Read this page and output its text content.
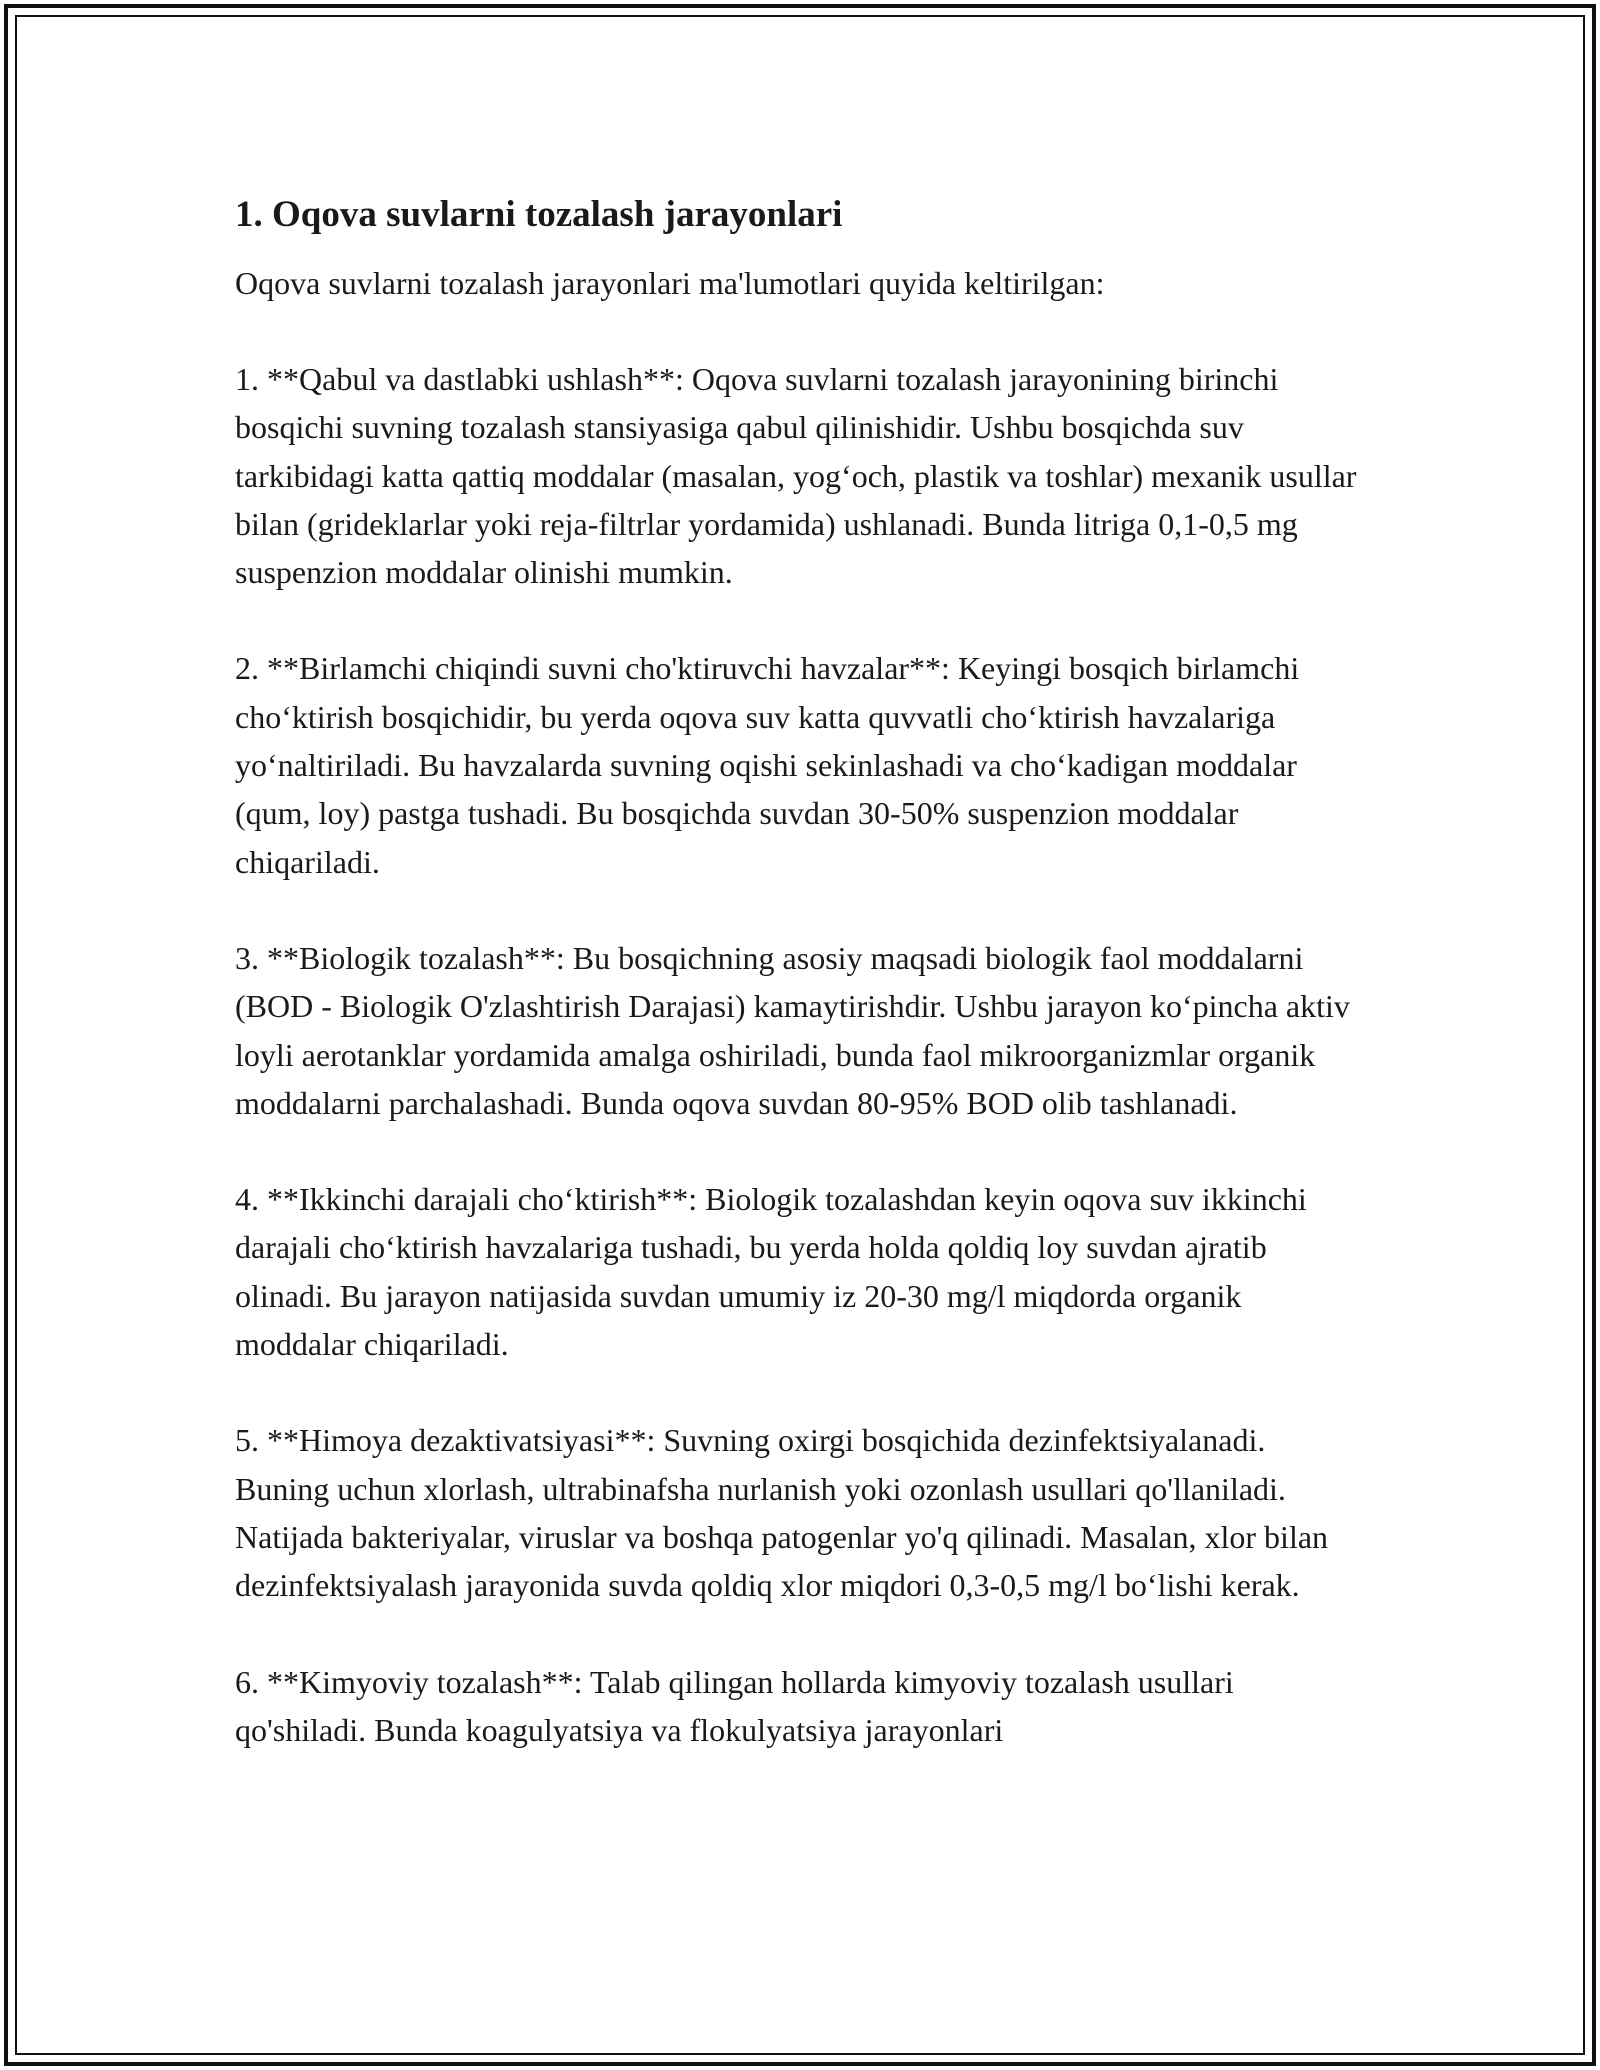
1. Oqova suvlarni tozalash jarayonlari
Oqova suvlarni tozalash jarayonlari ma'lumotlari quyida keltirilgan:
1. **Qabul va dastlabki ushlash**: Oqova suvlarni tozalash jarayonining birinchi bosqichi suvning tozalash stansiyasiga qabul qilinishidir. Ushbu bosqichda suv tarkibidagi katta qattiq moddalar (masalan, yog‘och, plastik va toshlar) mexanik usullar bilan (grideklarlar yoki reja-filtrlar yordamida) ushlanadi. Bunda litriga 0,1-0,5 mg suspenzion moddalar olinishi mumkin.
2. **Birlamchi chiqindi suvni cho'ktiruvchi havzalar**: Keyingi bosqich birlamchi cho‘ktirish bosqichidir, bu yerda oqova suv katta quvvatli cho‘ktirish havzalariga yo‘naltiriladi. Bu havzalarda suvning oqishi sekinlashadi va cho‘kadigan moddalar (qum, loy) pastga tushadi. Bu bosqichda suvdan 30-50% suspenzion moddalar chiqariladi.
3. **Biologik tozalash**: Bu bosqichning asosiy maqsadi biologik faol moddalarni (BOD - Biologik O'zlashtirish Darajasi) kamaytirishdir. Ushbu jarayon ko‘pincha aktiv loyli aerotanklar yordamida amalga oshiriladi, bunda faol mikroorganizmlar organik moddalarni parchalashadi. Bunda oqova suvdan 80-95% BOD olib tashlanadi.
4. **Ikkinchi darajali cho‘ktirish**: Biologik tozalashdan keyin oqova suv ikkinchi darajali cho‘ktirish havzalariga tushadi, bu yerda holda qoldiq loy suvdan ajratib olinadi. Bu jarayon natijasida suvdan umumiy iz 20-30 mg/l miqdorda organik moddalar chiqariladi.
5. **Himoya dezaktivatsiyasi**: Suvning oxirgi bosqichida dezinfektsiyalanadi. Buning uchun xlorlash, ultrabinafsha nurlanish yoki ozonlash usullari qo'llaniladi. Natijada bakteriyalar, viruslar va boshqa patogenlar yo'q qilinadi. Masalan, xlor bilan dezinfektsiyalash jarayonida suvda qoldiq xlor miqdori 0,3-0,5 mg/l bo‘lishi kerak.
6. **Kimyoviy tozalash**: Talab qilingan hollarda kimyoviy tozalash usullari qo'shiladi. Bunda koagulyatsiya va flokulyatsiya jarayonlari
